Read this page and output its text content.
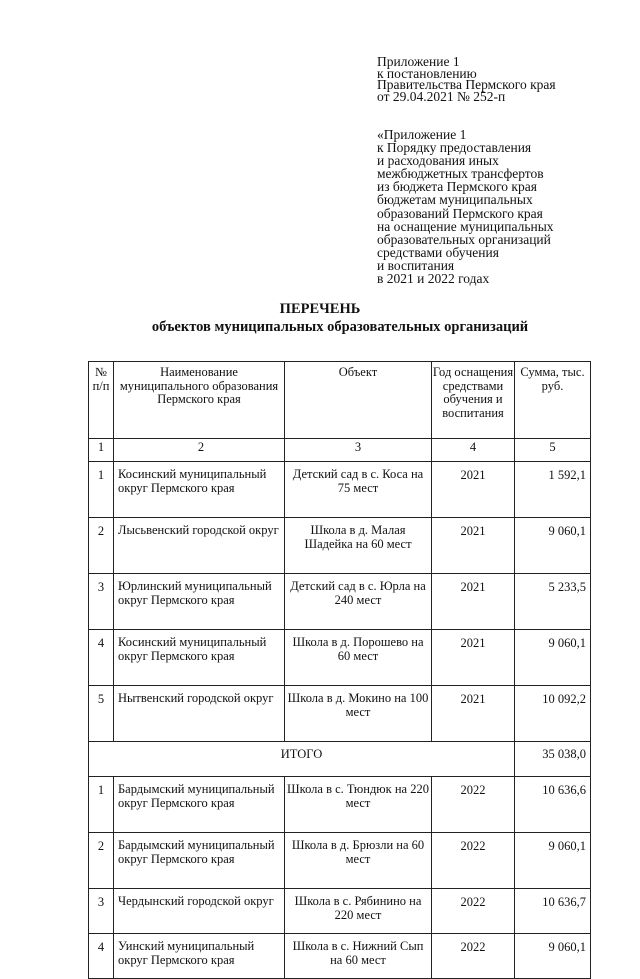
Приложение 1
к постановлению
Правительства Пермского края
от 29.04.2021 № 252-п
«Приложение 1
к Порядку предоставления
и расходования иных
межбюджетных трансфертов
из бюджета Пермского края
бюджетам муниципальных
образований Пермского края
на оснащение муниципальных
образовательных организаций
средствами обучения
и воспитания
в 2021 и 2022 годах
ПЕРЕЧЕНЬ
объектов муниципальных образовательных организаций
№ п/п	Наименование муниципального образования Пермского края	Объект	Год оснащения средствами обучения и воспитания	Сумма, тыс. руб.
1	2	3	4	5
1	Косинский муниципальный округ Пермского края	Детский сад в с. Коса на 75 мест	2021	1 592,1
2	Лысьвенский городской округ	Школа в д. Малая Шадейка на 60 мест	2021	9 060,1
3	Юрлинский муниципальный округ Пермского края	Детский сад в с. Юрла на 240 мест	2021	5 233,5
4	Косинский муниципальный округ Пермского края	Школа в д. Порошево на 60 мест	2021	9 060,1
5	Нытвенский городской округ	Школа в д. Мокино на 100 мест	2021	10 092,2
ИТОГО				35 038,0
1	Бардымский муниципальный округ Пермского края	Школа в с. Тюндюк на 220 мест	2022	10 636,6
2	Бардымский муниципальный округ Пермского края	Школа в д. Брюзли на 60 мест	2022	9 060,1
3	Чердынский городской округ	Школа в с. Рябинино на 220 мест	2022	10 636,7
4	Уинский муниципальный округ Пермского края	Школа в с. Нижний Сып на 60 мест	2022	9 060,1
